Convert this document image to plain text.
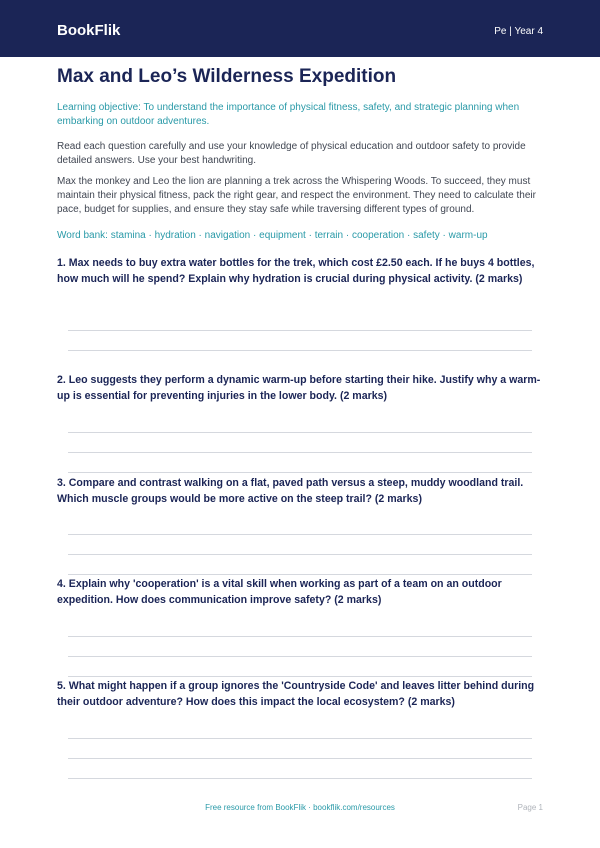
BookFlik	Pe | Year 4
Max and Leo’s Wilderness Expedition

Learning objective: To understand the importance of physical fitness, safety, and strategic planning when embarking on outdoor adventures.

Read each question carefully and use your knowledge of physical education and outdoor safety to provide detailed answers. Use your best handwriting.

Max the monkey and Leo the lion are planning a trek across the Whispering Woods. To succeed, they must maintain their physical fitness, pack the right gear, and respect the environment. They need to calculate their pace, budget for supplies, and ensure they stay safe while traversing different types of ground.

Word bank: stamina · hydration · navigation · equipment · terrain · cooperation · safety · warm-up

1. Max needs to buy extra water bottles for the trek, which cost £2.50 each. If he buys 4 bottles, how much will he spend? Explain why hydration is crucial during physical activity. (2 marks)

2. Leo suggests they perform a dynamic warm-up before starting their hike. Justify why a warm-up is essential for preventing injuries in the lower body. (2 marks)

3. Compare and contrast walking on a flat, paved path versus a steep, muddy woodland trail. Which muscle groups would be more active on the steep trail? (2 marks)

4. Explain why 'cooperation' is a vital skill when working as part of a team on an outdoor expedition. How does communication improve safety? (2 marks)

5. What might happen if a group ignores the 'Countryside Code' and leaves litter behind during their outdoor adventure? How does this impact the local ecosystem? (2 marks)

Free resource from BookFlik · bookflik.com/resources	Page 1
